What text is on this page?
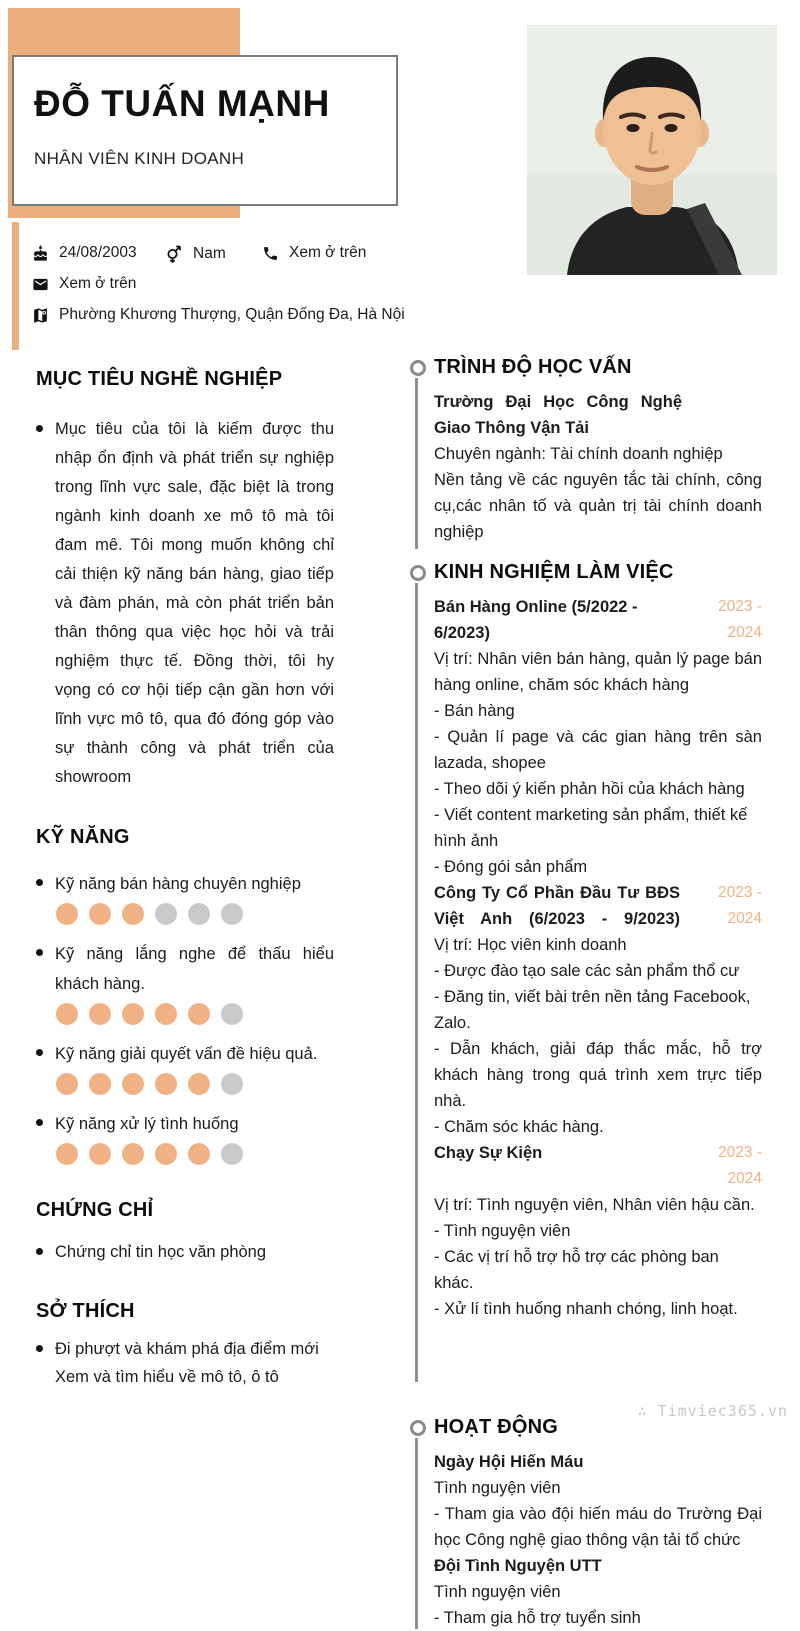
ĐỖ TUẤN MẠNH
NHÂN VIÊN KINH DOANH
24/08/2003	Nam	Xem ở trên
Xem ở trên
Phường Khương Thượng, Quận Đống Đa, Hà Nội
MỤC TIÊU NGHỀ NGHIỆP

Mục tiêu của tôi là kiếm được thu nhập ổn định và phát triển sự nghiệp trong lĩnh vực sale, đặc biệt là trong ngành kinh doanh xe mô tô mà tôi đam mê. Tôi mong muốn không chỉ cải thiện kỹ năng bán hàng, giao tiếp và đàm phán, mà còn phát triển bản thân thông qua việc học hỏi và trải nghiệm thực tế. Đồng thời, tôi hy vọng có cơ hội tiếp cận gần hơn với lĩnh vực mô tô, qua đó đóng góp vào sự thành công và phát triển của showroom

KỸ NĂNG
Kỹ năng bán hàng chuyên nghiệp
Kỹ năng lắng nghe để thấu hiểu khách hàng.
Kỹ năng giải quyết vấn đề hiệu quả.
Kỹ năng xử lý tình huống
CHỨNG CHỈ
Chứng chỉ tin học văn phòng
SỞ THÍCH
Đi phượt và khám phá địa điểm mới
Xem và tìm hiểu về mô tô, ô tô
TRÌNH ĐỘ HỌC VẤN

Trường Đại Học Công Nghệ Giao Thông Vận Tải

Chuyên ngành: Tài chính doanh nghiệp

Nền tảng về các nguyên tắc tài chính, công cụ,các nhân tố và quản trị tài chính doanh nghiệp

KINH NGHIỆM LÀM VIỆC
Bán Hàng Online (5/2022 - 6/2023)
2023 - 2024

Vị trí: Nhân viên bán hàng, quản lý page bán hàng online, chăm sóc khách hàng

- Bán hàng

- Quản lí page và các gian hàng trên sàn lazada, shopee

- Theo dõi ý kiến phản hồi của khách hàng

- Viết content marketing sản phẩm, thiết kế hình ảnh

- Đóng gói sản phẩm

Công Ty Cổ Phần Đầu Tư BĐS Việt Anh (6/2023 - 9/2023)
2023 - 2024

Vị trí: Học viên kinh doanh

- Được đào tạo sale các sản phẩm thổ cư

- Đăng tin, viết bài trên nền tảng Facebook, Zalo.

- Dẫn khách, giải đáp thắc mắc, hỗ trợ khách hàng trong quá trình xem trực tiếp nhà.

- Chăm sóc khác hàng.

Chạy Sự Kiện	2023 - 2024

Vị trí: Tình nguyện viên, Nhân viên hậu cần.

- Tình nguyện viên

- Các vị trí hỗ trợ hỗ trợ các phòng ban khác.

- Xử lí tình huống nhanh chóng, linh hoạt.

HOẠT ĐỘNG

Ngày Hội Hiến Máu

Tình nguyện viên

- Tham gia vào đội hiến máu do Trường Đại học Công nghệ giao thông vận tải tổ chức

Đội Tình Nguyện UTT

Tình nguyện viên

- Tham gia hỗ trợ tuyển sinh

∴ Timviec365.vn
